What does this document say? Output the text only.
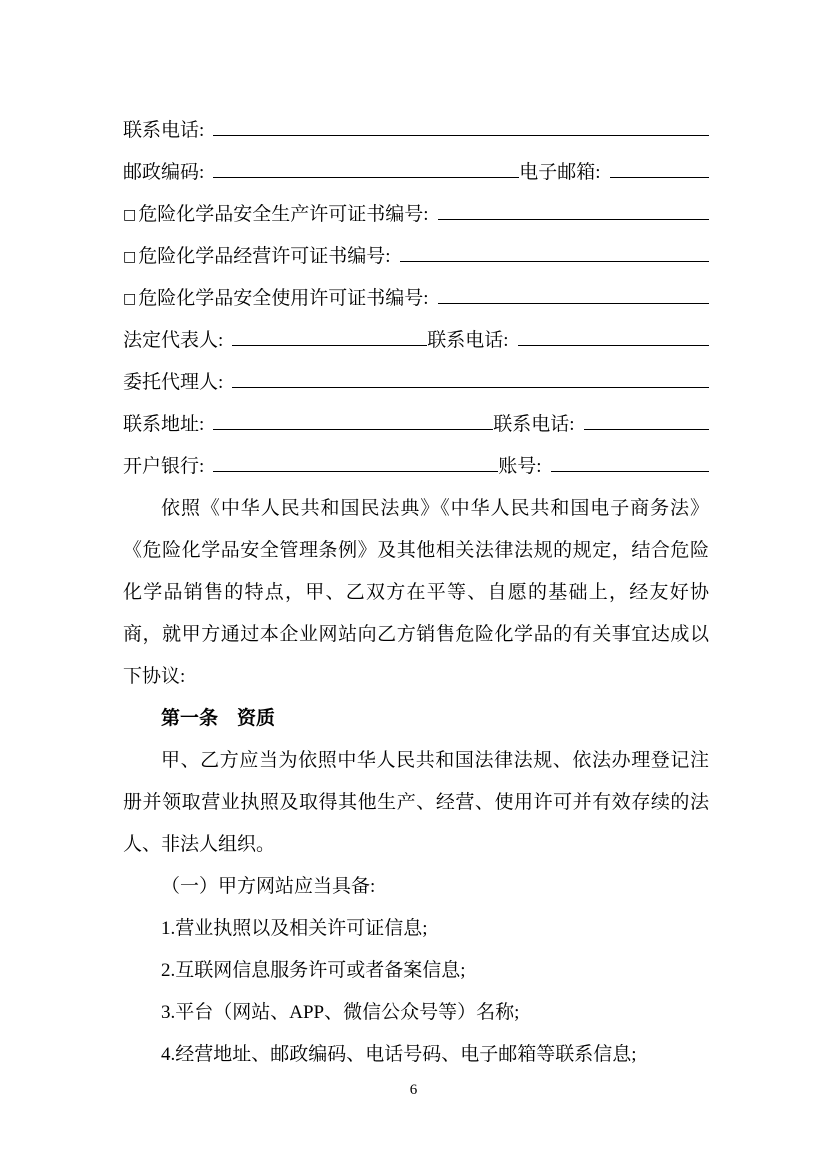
联系电话:
邮政编码:	电子邮箱:
□ 危险化学品安全生产许可证书编号:
□ 危险化学品经营许可证书编号:
□ 危险化学品安全使用许可证书编号:
法定代表人:	联系电话:
委托代理人:
联系地址:	联系电话:
开户银行:	账号:

依照《中华人民共和国民法典》《中华人民共和国电子商务法》《危险化学品安全管理条例》及其他相关法律法规的规定，结合危险化学品销售的特点，甲、乙双方在平等、自愿的基础上，经友好协商，就甲方通过本企业网站向乙方销售危险化学品的有关事宜达成以下协议:

第一条　资质

甲、乙方应当为依照中华人民共和国法律法规、依法办理登记注册并领取营业执照及取得其他生产、经营、使用许可并有效存续的法人、非法人组织。

（一）甲方网站应当具备:

1.营业执照以及相关许可证信息;

2.互联网信息服务许可或者备案信息;

3.平台（网站、APP、微信公众号等）名称;

4.经营地址、邮政编码、电话号码、电子邮箱等联系信息;

6
